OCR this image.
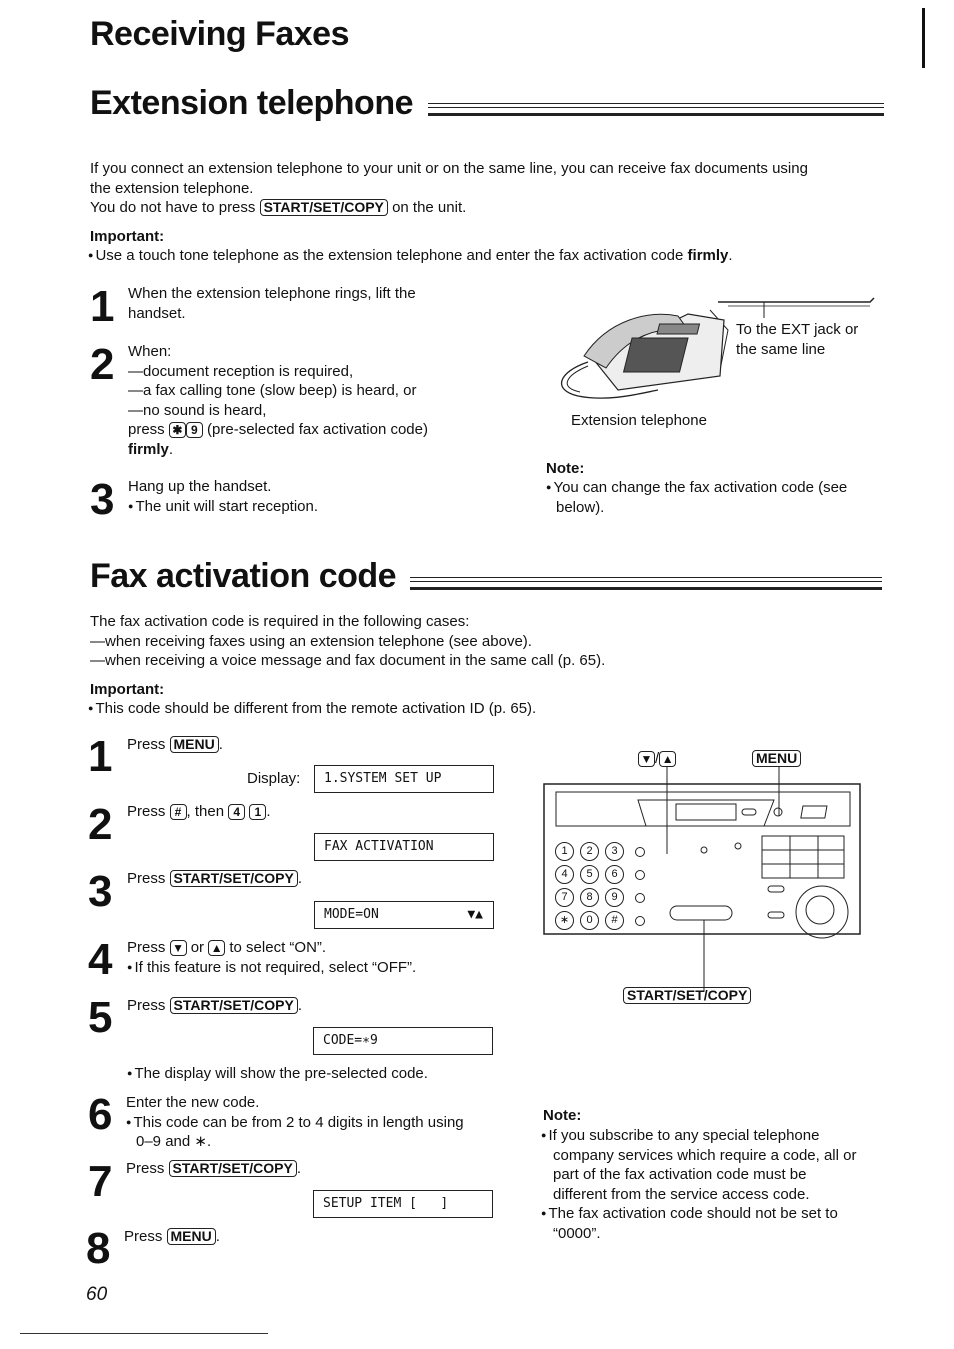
Receiving Faxes
Extension telephone
If you connect an extension telephone to your unit or on the same line, you can receive fax documents using
the extension telephone.
You do not have to press START/SET/COPY on the unit.
Important:
● Use a touch tone telephone as the extension telephone and enter the fax activation code firmly.
1 When the extension telephone rings, lift the
handset.
2 When:
—document reception is required,
—a fax calling tone (slow beep) is heard, or
—no sound is heard,
press ✱ 9 (pre-selected fax activation code)
firmly.
3 Hang up the handset.
● The unit will start reception.
To the EXT jack or
the same line
Extension telephone
Note:
● You can change the fax activation code (see
below).
Fax activation code
The fax activation code is required in the following cases:
—when receiving faxes using an extension telephone (see above).
—when receiving a voice message and fax document in the same call (p. 65).
Important:
● This code should be different from the remote activation ID (p. 65).
1 Press MENU .
Display:	1.SYSTEM SET UP
2 Press # , then 4 1 .
FAX ACTIVATION
3 Press START/SET/COPY .
MODE=ON	▼▲
4 Press ▼ or ▲ to select “ON”.
● If this feature is not required, select “OFF”.
5 Press START/SET/COPY .
CODE=∗9
● The display will show the pre-selected code.
6 Enter the new code.
● This code can be from 2 to 4 digits in length using
0–9 and ∗.
7 Press START/SET/COPY .
SETUP ITEM [   ]
8 Press MENU .
▼ / ▲	MENU
1	2	3
4	5	6
7	8	9
∗	0	#
START/SET/COPY
Note:
● If you subscribe to any special telephone
company services which require a code, all or
part of the fax activation code must be
different from the service access code.
● The fax activation code should not be set to
“0000”.
60
